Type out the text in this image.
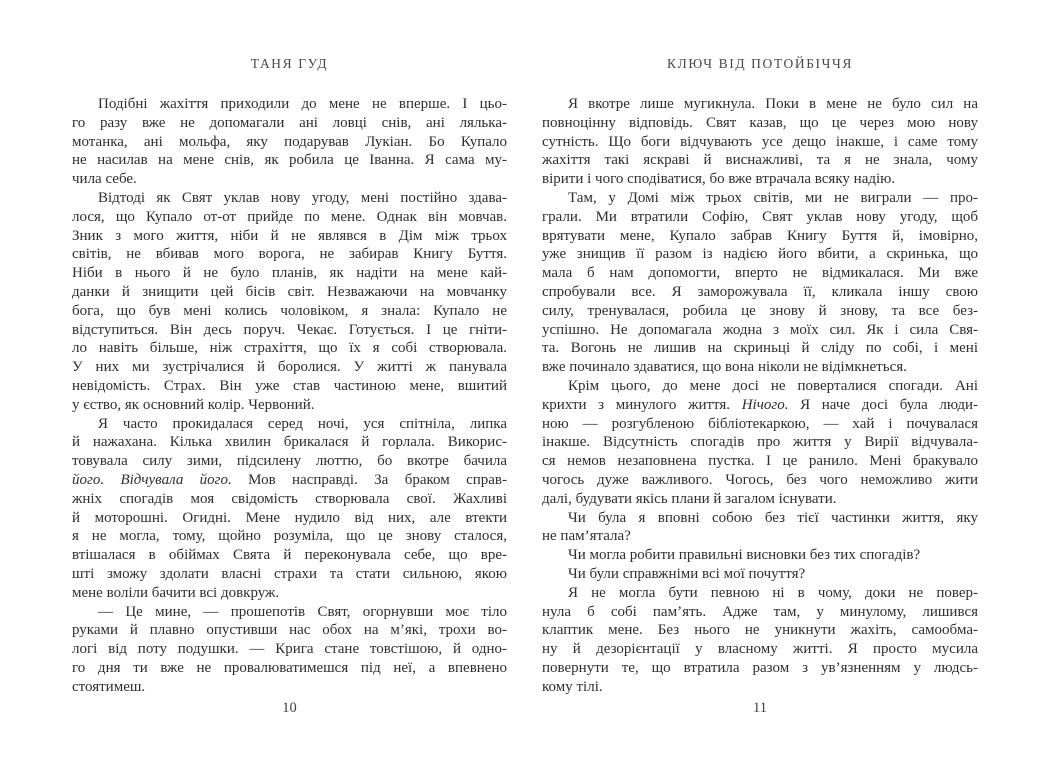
ТАНЯ ГУД
Подібні жахіття приходили до мене не вперше. І цьо-
го разу вже не допомагали ані ловці снів, ані лялька-
мотанка, ані мольфа, яку подарував Лукіан. Бо Купало
не насилав на мене снів, як робила це Іванна. Я сама му-
чила себе.
Відтоді як Свят уклав нову угоду, мені постійно здава-
лося, що Купало от-от прийде по мене. Однак він мовчав.
Зник з мого життя, ніби й не являвся в Дім між трьох
світів, не вбивав мого ворога, не забирав Книгу Буття.
Ніби в нього й не було планів, як надіти на мене кай-
данки й знищити цей бісів світ. Незважаючи на мовчанку
бога, що був мені колись чоловіком, я знала: Купало не
відступиться. Він десь поруч. Чекає. Готується. І це гніти-
ло навіть більше, ніж страхіття, що їх я собі створювала.
У них ми зустрічалися й боролися. У житті ж панувала
невідомість. Страх. Він уже став частиною мене, вшитий
у єство, як основний колір. Червоний.
Я часто прокидалася серед ночі, уся спітніла, липка
й нажахана. Кілька хвилин брикалася й горлала. Викорис-
товувала силу зими, підсилену люттю, бо вкотре бачила
його. Відчувала його. Мов насправді. За браком справ-
жніх спогадів моя свідомість створювала свої. Жахливі
й моторошні. Огидні. Мене нудило від них, але втекти
я не могла, тому, щойно розуміла, що це знову сталося,
втішалася в обіймах Свята й переконувала себе, що вре-
шті зможу здолати власні страхи та стати сильною, якою
мене воліли бачити всі довкруж.
— Це мине, — прошепотів Свят, огорнувши моє тіло
руками й плавно опустивши нас обох на м’які, трохи во-
логі від поту подушки. — Крига стане товстішою, й одно-
го дня ти вже не провалюватимешся під неї, а впевнено
стоятимеш.
10
КЛЮЧ ВІД ПОТОЙБІЧЧЯ
Я вкотре лише мугикнула. Поки в мене не було сил на
повноцінну відповідь. Свят казав, що це через мою нову
сутність. Що боги відчувають усе дещо інакше, і саме тому
жахіття такі яскраві й виснажливі, та я не знала, чому
вірити і чого сподіватися, бо вже втрачала всяку надію.
Там, у Домі між трьох світів, ми не виграли — про-
грали. Ми втратили Софію, Свят уклав нову угоду, щоб
врятувати мене, Купало забрав Книгу Буття й, імовірно,
уже знищив її разом із надією його вбити, а скринька, що
мала б нам допомогти, вперто не відмикалася. Ми вже
спробували все. Я заморожувала її, кликала іншу свою
силу, тренувалася, робила це знову й знову, та все без-
успішно. Не допомагала жодна з моїх сил. Як і сила Свя-
та. Вогонь не лишив на скриньці й сліду по собі, і мені
вже починало здаватися, що вона ніколи не відімкнеться.
Крім цього, до мене досі не поверталися спогади. Ані
крихти з минулого життя. Нічого. Я наче досі була люди-
ною — розгубленою бібліотекаркою, — хай і почувалася
інакше. Відсутність спогадів про життя у Вирії відчувала-
ся немов незаповнена пустка. І це ранило. Мені бракувало
чогось дуже важливого. Чогось, без чого неможливо жити
далі, будувати якісь плани й загалом існувати.
Чи була я вповні собою без тієї частинки життя, яку
не пам’ятала?
Чи могла робити правильні висновки без тих спогадів?
Чи були справжніми всі мої почуття?
Я не могла бути певною ні в чому, доки не повер-
нула б собі пам’ять. Адже там, у минулому, лишився
клаптик мене. Без нього не уникнути жахіть, самообма-
ну й дезорієнтації у власному житті. Я просто мусила
повернути те, що втратила разом з ув’язненням у людсь-
кому тілі.
11
